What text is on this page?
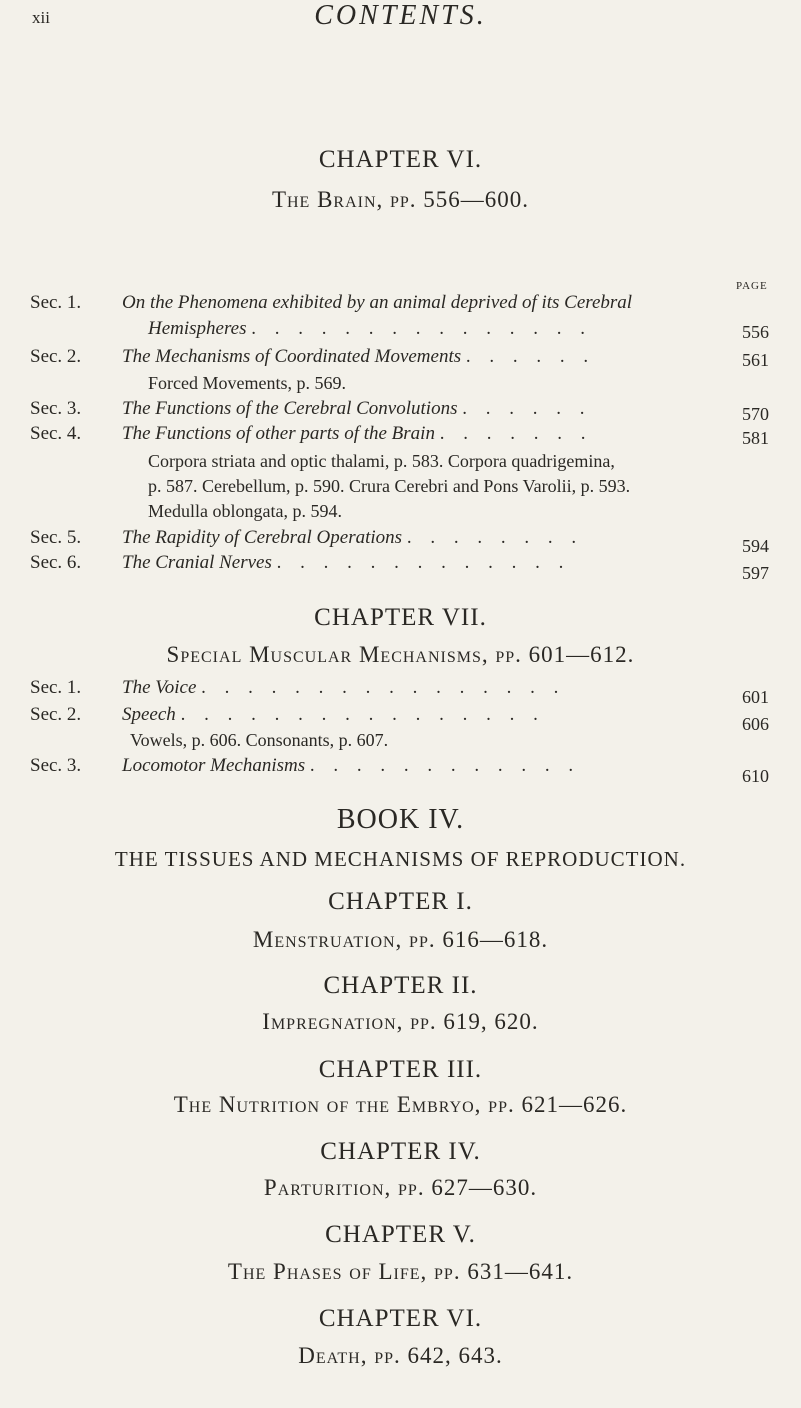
xii	CONTENTS.
CHAPTER VI.
The Brain, pp. 556—600.
PAGE
Sec. 1. On the Phenomena exhibited by an animal deprived of its Cerebral
Hemispheres . . . . . . . . . . . . . . .	556
Sec. 2. The Mechanisms of Coordinated Movements . . . . . .	561
Forced Movements, p. 569.
Sec. 3. The Functions of the Cerebral Convolutions . . . . . .	570
Sec. 4. The Functions of other parts of the Brain . . . . . . .	581
Corpora striata and optic thalami, p. 583. Corpora quadrigemina,
p. 587. Cerebellum, p. 590. Crura Cerebri and Pons Varolii, p. 593.
Medulla oblongata, p. 594.
Sec. 5. The Rapidity of Cerebral Operations . . . . . . . .	594
Sec. 6. The Cranial Nerves . . . . . . . . . . . . .	597
CHAPTER VII.
Special Muscular Mechanisms, pp. 601—612.
Sec. 1. The Voice . . . . . . . . . . . . . . . .	601
Sec. 2. Speech . . . . . . . . . . . . . . . .	606
Vowels, p. 606. Consonants, p. 607.
Sec. 3. Locomotor Mechanisms . . . . . . . . . . . .	610
BOOK IV.
THE TISSUES AND MECHANISMS OF REPRODUCTION.
CHAPTER I.
Menstruation, pp. 616—618.
CHAPTER II.
Impregnation, pp. 619, 620.
CHAPTER III.
The Nutrition of the Embryo, pp. 621—626.
CHAPTER IV.
Parturition, pp. 627—630.
CHAPTER V.
The Phases of Life, pp. 631—641.
CHAPTER VI.
Death, pp. 642, 643.
